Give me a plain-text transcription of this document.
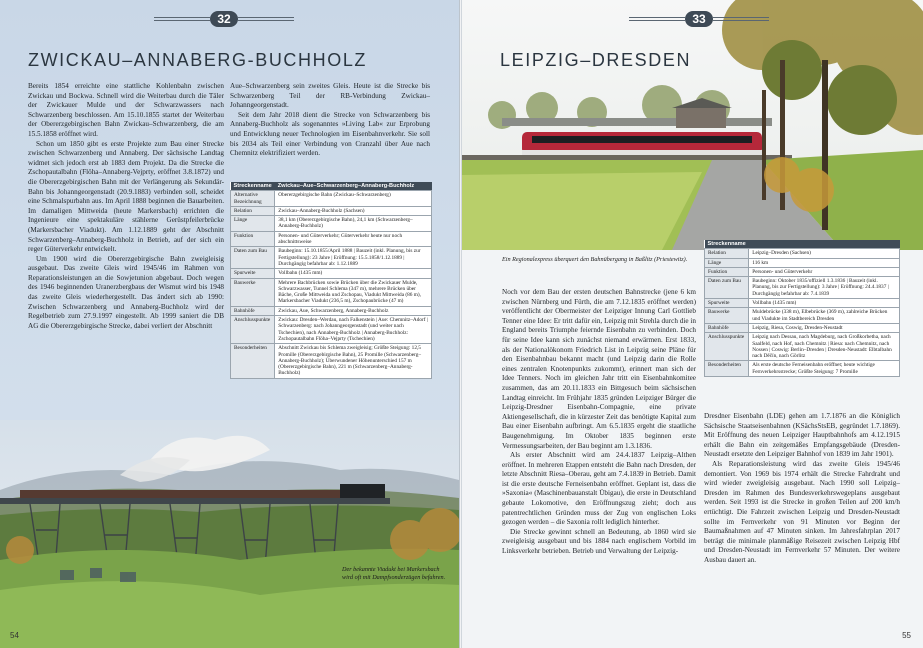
32
ZWICKAU–ANNABERG-BUCHHOLZ

Bereits 1854 erreichte eine stattliche Kohlenbahn zwischen Zwickau und Bockwa. Schnell wird die Weiterbau durch die Täler der Zwickauer Mulde und der Schwarzwassers nach Schwarzenberg beschlossen. Am 15.10.1855 startet der Weiterbau der Obererzgebirgischen Bahn Zwickau–Schwarzenberg, die am 15.5.1858 eröffnet wird.

Schon um 1850 gibt es erste Projekte zum Bau einer Strecke zwischen Schwarzenberg und Annaberg. Der sächsische Landtag widmet sich jedoch erst ab 1883 dem Projekt. Da die Strecke die Zschopautalbahn (Flöha–Annaberg-Vejprty, eröffnet 3.8.1872) und die Obererzgebirgischen Bahn mit der Verlängerung als Sekundär-Bahn bis Johanngeorgenstadt (20.9.1883) verbinden soll, scheidet eine Schmalspurbahn aus. Im April 1888 beginnen die Bauarbeiten. Im damaligen Mittweida (heute Markersbach) errichten die Ingenieure eine spektakuläre stählerne Gerüstpfeilerbrücke (Markersbacher Viadukt). Am 1.12.1889 geht der Abschnitt Schwarzenberg–Annaberg-Buchholz in Betrieb, auf der sich ein reger Güterverkehr entwickelt.

Um 1900 wird die Obererzgebirgische Bahn zweigleisig ausgebaut. Das zweite Gleis wird 1945/46 im Rahmen von Reparationsleistungen an die Sowjetunion abgebaut. Doch wegen des 1946 beginnenden Uranerzbergbaus der Wismut wird bis 1948 das zweite Gleis wiederhergestellt. Das ändert sich ab 1990: Zwischen Schwarzenberg und Annaberg-Buchholz wird der Regelbetrieb zum 27.9.1997 eingestellt. Ab 1999 saniert die DB AG die Obererzgebirgische Strecke, dabei verliert der Abschnitt

Aue–Schwarzenberg sein zweites Gleis. Heute ist die Strecke bis Schwarzenberg Teil der RB-Verbindung Zwickau–Johanngeorgenstadt.

Seit dem Jahr 2018 dient die Strecke von Schwarzenberg bis Annaberg-Buchholz als sogenanntes »Living Lab« zur Erprobung und Entwicklung neuer Technologien im Eisenbahnverkehr. Sie soll bis 2034 als Teil einer Verbindung von Cranzahl über Aue nach Chemnitz elektrifiziert werden.

Streckenname	Zwickau–Aue–Schwarzenberg–Annaberg-Buchholz
Alternative Bezeichnung	Obererzgebirgische Bahn (Zwickau–Schwarzenberg)
Relation	Zwickau–Annaberg-Buchholz (Sachsen)
Länge	38,1 km (Obererzgebirgische Bahn), 24,1 km (Schwarzenberg–Annaberg-Buchholz)
Funktion	Personen- und Güterverkehr; Güterverkehr heute nur noch abschnittsweise
Daten zum Bau	Baubeginn: 15.10.1855/April 1888 | Bauzeit (inkl. Planung, bis zur Fertigstellung): 23 Jahre | Eröffnung: 15.5.1858/1.12.1889 | Durchgängig befahrbar ab: 1.12.1889
Spurweite	Vollbahn (1435 mm)
Bauwerke	Mehrere Bachbrücken sowie Brücken über die Zwickauer Mulde, Schwarzwasser, Tunnel Schlema (347 m), mehrere Brücken über Bäche, Große Mittweida und Zschopau, Viadukt Mittweida (86 m), Markersbacher Viadukt (236,5 m), Zschopaubrücke (47 m)
Bahnhöfe	Zwickau, Aue, Schwarzenberg, Annaberg-Buchholz
Anschlusspunkte	Zwickau: Dresden–Werdau, nach Falkenstein | Aue: Chemnitz–Adorf | Schwarzenberg: nach Johanngeorgenstadt (und weiter nach Tschechien), nach Annaberg-Buchholz | Annaberg-Buchholz: Zschopautalbahn Flöha–Vejprty (Tschechien)
Besonderheiten	Abschnitt Zwickau bis Schlema zweigleisig; Größte Steigung: 12,5 Promille (Obererzgebirgische Bahn), 25 Promille (Schwarzenberg–Annaberg-Buchholz); Überwundener Höhenunterschied 157 m (Obererzgebirgische Bahn), 221 m (Schwarzenberg–Annaberg-Buchholz)
Der bekannte Viadukt bei Markersbach wird oft mit Dampfsonderzügen befahren.
54
33
LEIPZIG–DRESDEN
Ein Regionalexpress überquert den Bahnübergang in Baßlitz (Priestewitz).
Streckenname	
Relation	Leipzig–Dresden (Sachsen)
Länge	116 km
Funktion	Personen- und Güterverkehr
Daten zum Bau	Baubeginn: Oktober 1835/offiziell 1.3.1836 | Bauzeit (inkl. Planung, bis zur Fertigstellung): 3 Jahre | Eröffnung: 24.4.1837 | Durchgängig befahrbar ab: 7.4.1839
Spurweite	Vollbahn (1435 mm)
Bauwerke	Muldebrücke (338 m), Elbebrücke (369 m), zahlreiche Brücken und Viadukte im Stadtbereich Dresden
Bahnhöfe	Leipzig, Riesa, Coswig, Dresden-Neustadt
Anschlusspunkte	Leipzig nach Dessau, nach Magdeburg, nach Großkorbetha, nach Saalfeld, nach Hof, nach Chemnitz | Riesa: nach Chemnitz, nach Nossen | Coswig: Berlin–Dresden | Dresden-Neustadt: Elbtalbahn nach Děčín, nach Görlitz
Besonderheiten	Als erste deutsche Ferneisenbahn eröffnet; heute wichtige Fernverkehrsstrecke; Größte Steigung: 7 Promille

Noch vor dem Bau der ersten deutschen Bahnstrecke (jene 6 km zwischen Nürnberg und Fürth, die am 7.12.1835 eröffnet werden) veröffentlicht der Obermeister der Leipziger Innung Carl Gottlieb Tenner eine Idee: Er tritt dafür ein, Leipzig mit Strehla durch die in England bereits Triumphe feiernde Eisenbahn zu verbinden. Doch für seine Idee kann sich zunächst niemand erwärmen. Erst 1833, als der Nationalökonom Friedrich List in Leipzig seine Pläne für den Eisenbahnbau bekannt macht (und Leipzig darin die Rolle eines zentralen Knotenpunkts zukommt), erinnert man sich der Idee Tenners. Noch im gleichen Jahr tritt ein Eisenbahnkomitee zusammen, das am 20.11.1833 ein Bittgesuch beim sächsischen Landtag einreicht. Im Frühjahr 1835 gründen Leipziger Bürger die Leipzig-Dresdner Eisenbahn-Compagnie, eine private Aktiengesellschaft, die in kürzester Zeit das benötigte Kapital zum Bau einer Eisenbahn aufbringt. Am 6.5.1835 ergeht die staatliche Baugenehmigung. Im Oktober 1835 beginnen erste Vermessungsarbeiten, der Bau beginnt am 1.3.1836.

Als erster Abschnitt wird am 24.4.1837 Leipzig–Althen eröffnet. In mehreren Etappen entsteht die Bahn nach Dresden, der letzte Abschnitt Riesa–Oberau, geht am 7.4.1839 in Betrieb. Damit ist die erste deutsche Ferneisenbahn eröffnet. Geplant ist, dass die »Saxonia« (Maschinenbauanstalt Übigau), die erste in Deutschland gebaute Lokomotive, den Eröffnungszug zieht; doch aus patentrechtlichen Gründen muss der Zug von englischen Loks gezogen werden – die Saxonia rollt lediglich hinterher.

Die Strecke gewinnt schnell an Bedeutung, ab 1860 wird sie zweigleisig ausgebaut und bis 1884 nach englischem Vorbild im Linksverkehr betrieben. Betrieb und Verwaltung der Leipzig-

Dresdner Eisenbahn (LDE) gehen am 1.7.1876 an die Königlich Sächsische Staatseisenbahnen (KSächsStsEB, gegründet 1.7.1869). Mit Eröffnung des neuen Leipziger Hauptbahnhofs am 4.12.1915 erhält die Bahn ein zeitgemäßes Empfangsgebäude (Dresden-Neustadt ersetzte den Leipziger Bahnhof von 1839 im Jahr 1901).

Als Reparationsleistung wird das zweite Gleis 1945/46 demontiert. Von 1969 bis 1974 erhält die Strecke Fahrdraht und wird wieder zweigleisig ausgebaut. Nach 1990 soll Leipzig–Dresden im Rahmen des Bundesverkehrswegeplans ausgebaut werden. Seit 1993 ist die Strecke in großen Teilen auf 200 km/h ertüchtigt. Die Fahrzeit zwischen Leipzig und Dresden-Neustadt sollte im Fernverkehr von 91 Minuten vor Beginn der Baumaßnahmen auf 47 Minuten sinken. Im Jahresfahrplan 2017 beträgt die minimale planmäßige Reisezeit zwischen Leipzig Hbf und Dresden-Neustadt im Fernverkehr 57 Minuten. Der weitere Ausbau dauert an.

55
